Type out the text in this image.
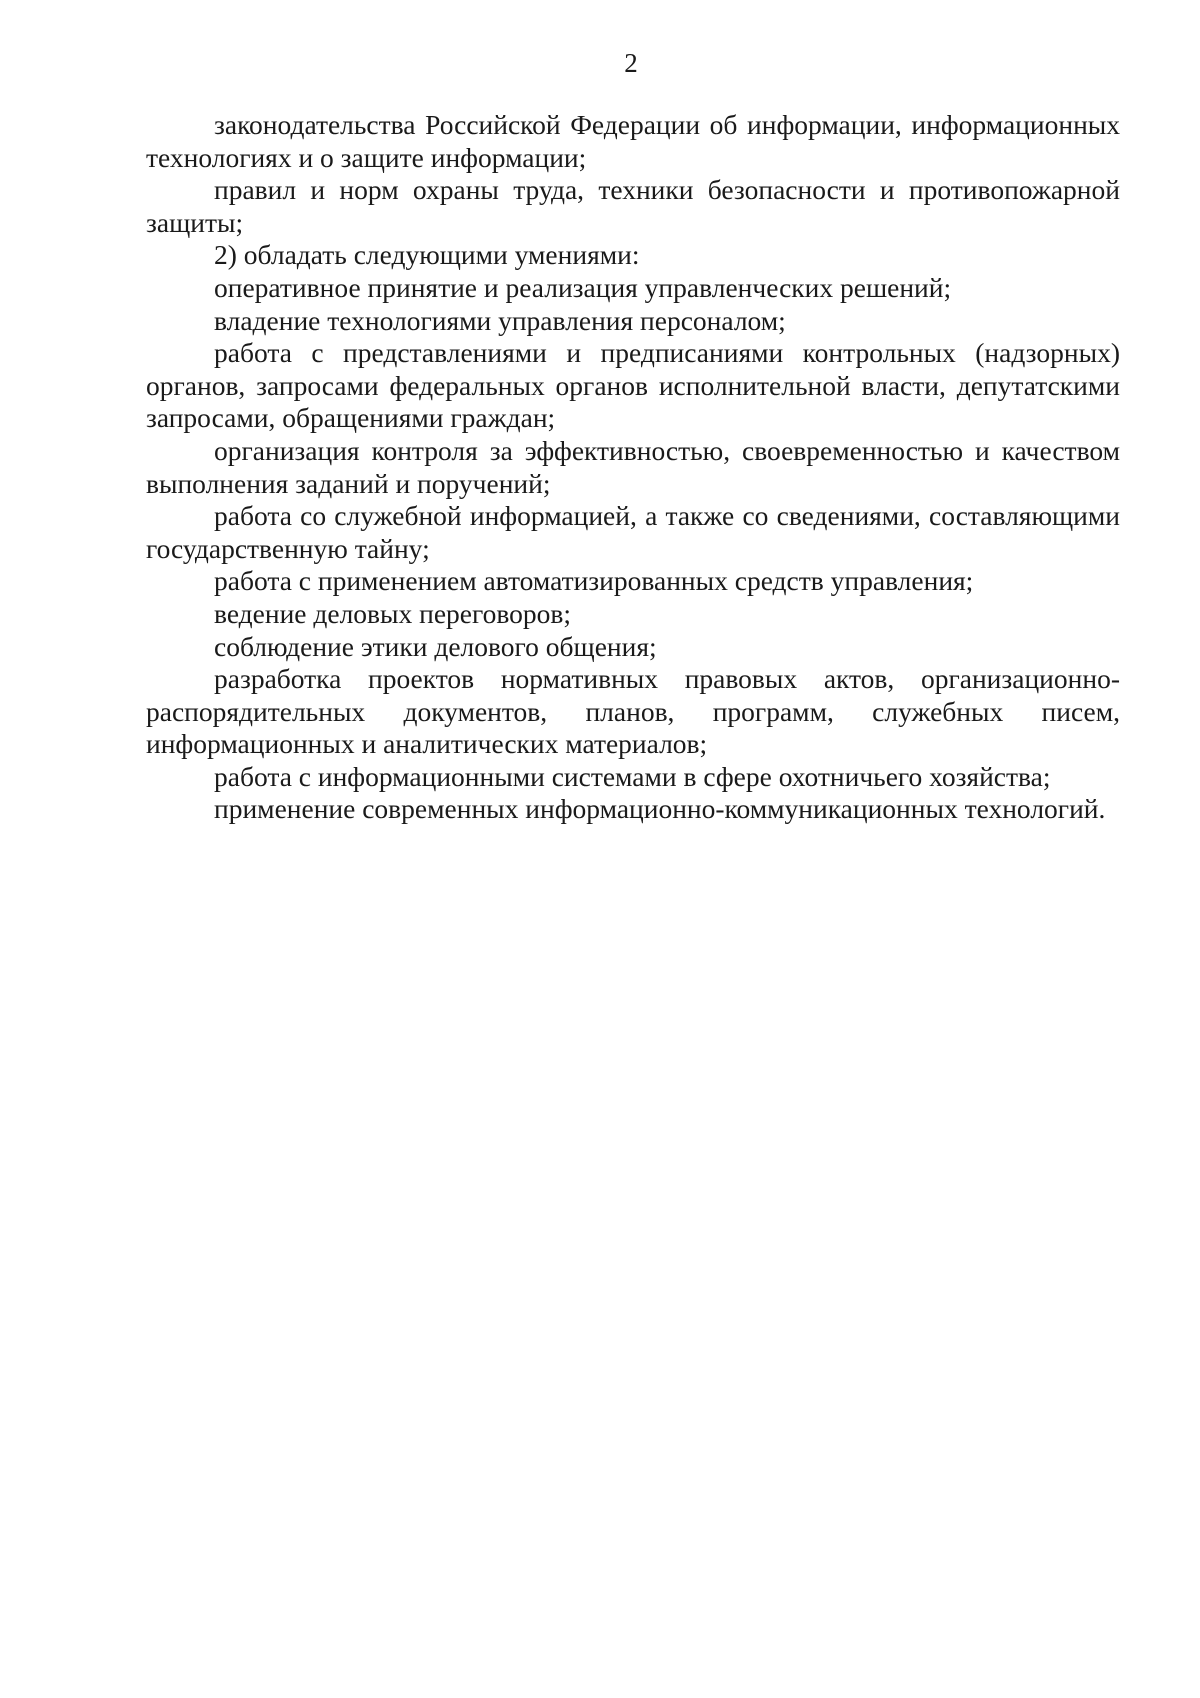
2

законодательства Российской Федерации об информации, информационных технологиях и о защите информации;

правил и норм охраны труда, техники безопасности и противопожарной защиты;

2) обладать следующими умениями:

оперативное принятие и реализация управленческих решений;

владение технологиями управления персоналом;

работа с представлениями и предписаниями контрольных (надзорных) органов, запросами федеральных органов исполнительной власти, депутатскими запросами, обращениями граждан;

организация контроля за эффективностью, своевременностью и качеством выполнения заданий и поручений;

работа со служебной информацией, а также со сведениями, составляющими государственную тайну;

работа с применением автоматизированных средств управления;

ведение деловых переговоров;

соблюдение этики делового общения;

разработка проектов нормативных правовых актов, организационно- распорядительных документов, планов, программ, служебных писем, информационных и аналитических материалов;

работа с информационными системами в сфере охотничьего хозяйства;

применение современных информационно-коммуникационных технологий.
